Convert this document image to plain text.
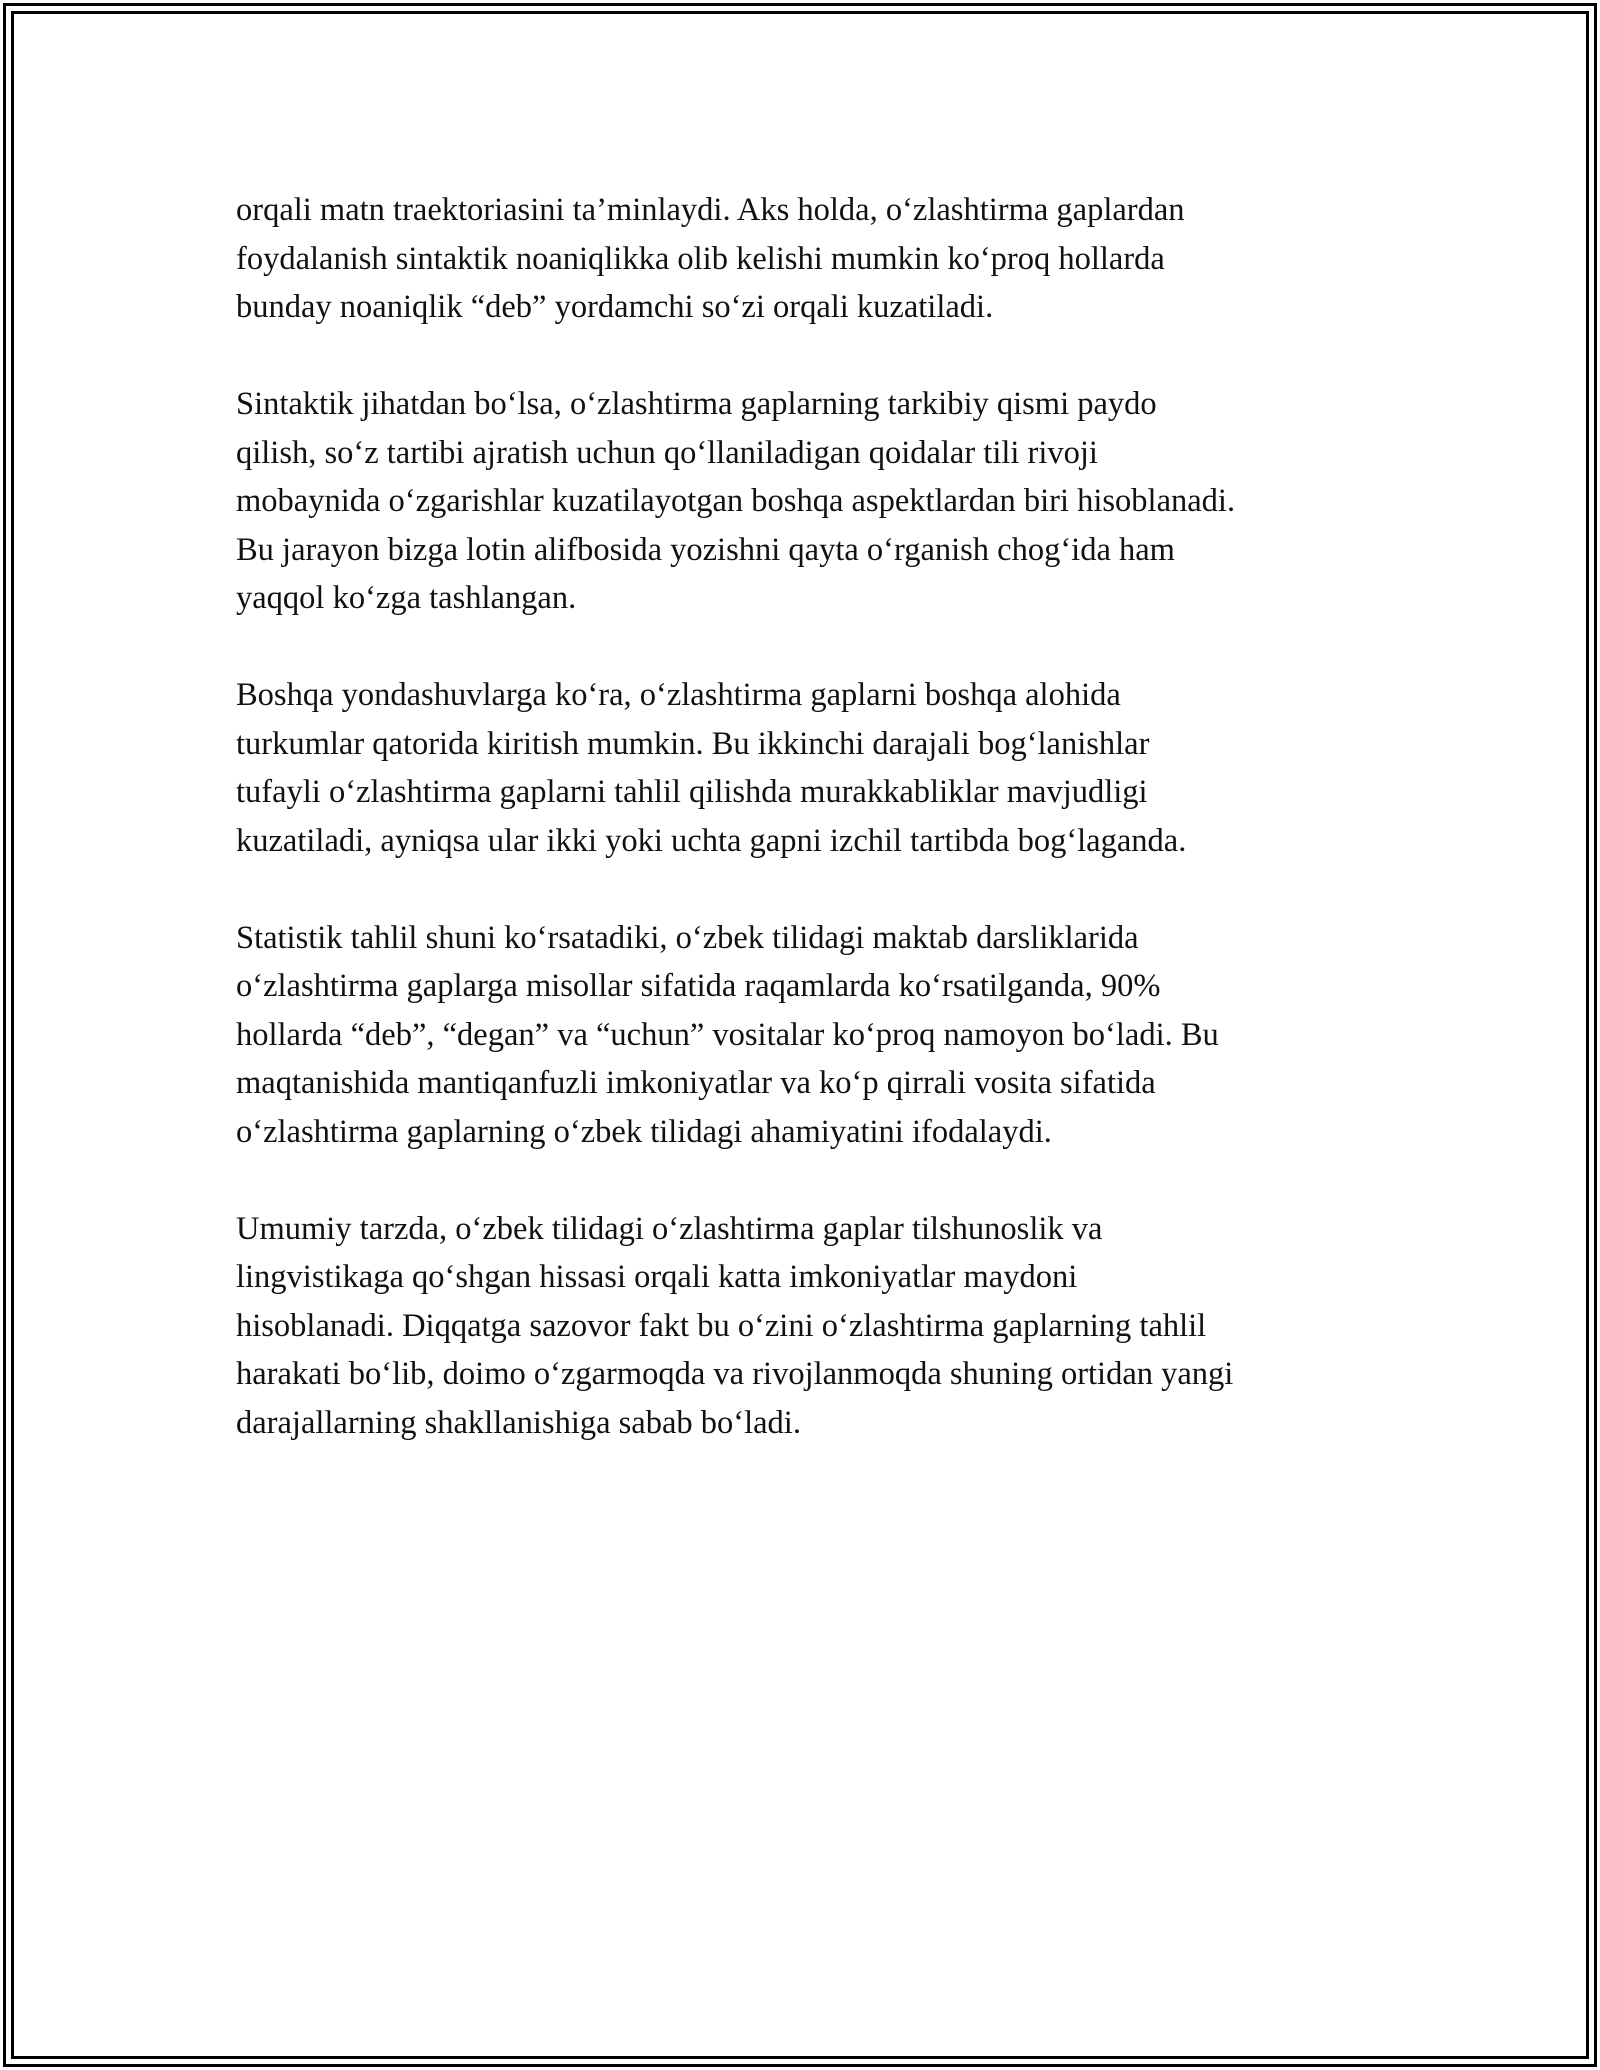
orqali matn traektoriasini ta’minlaydi. Aks holda, o‘zlashtirma gaplardan
foydalanish sintaktik noaniqlikka olib kelishi mumkin ko‘proq hollarda
bunday noaniqlik “deb” yordamchi so‘zi orqali kuzatiladi.

Sintaktik jihatdan bo‘lsa, o‘zlashtirma gaplarning tarkibiy qismi paydo
qilish, so‘z tartibi ajratish uchun qo‘llaniladigan qoidalar tili rivoji
mobaynida o‘zgarishlar kuzatilayotgan boshqa aspektlardan biri hisoblanadi.
Bu jarayon bizga lotin alifbosida yozishni qayta o‘rganish chog‘ida ham
yaqqol ko‘zga tashlangan.

Boshqa yondashuvlarga ko‘ra, o‘zlashtirma gaplarni boshqa alohida
turkumlar qatorida kiritish mumkin. Bu ikkinchi darajali bog‘lanishlar
tufayli o‘zlashtirma gaplarni tahlil qilishda murakkabliklar mavjudligi
kuzatiladi, ayniqsa ular ikki yoki uchta gapni izchil tartibda bog‘laganda.

Statistik tahlil shuni ko‘rsatadiki, o‘zbek tilidagi maktab darsliklarida
o‘zlashtirma gaplarga misollar sifatida raqamlarda ko‘rsatilganda, 90%
hollarda “deb”, “degan” va “uchun” vositalar ko‘proq namoyon bo‘ladi. Bu
maqtanishida mantiqanfuzli imkoniyatlar va ko‘p qirrali vosita sifatida
o‘zlashtirma gaplarning o‘zbek tilidagi ahamiyatini ifodalaydi.

Umumiy tarzda, o‘zbek tilidagi o‘zlashtirma gaplar tilshunoslik va
lingvistikaga qo‘shgan hissasi orqali katta imkoniyatlar maydoni
hisoblanadi. Diqqatga sazovor fakt bu o‘zini o‘zlashtirma gaplarning tahlil
harakati bo‘lib, doimo o‘zgarmoqda va rivojlanmoqda shuning ortidan yangi
darajallarning shakllanishiga sabab bo‘ladi.
